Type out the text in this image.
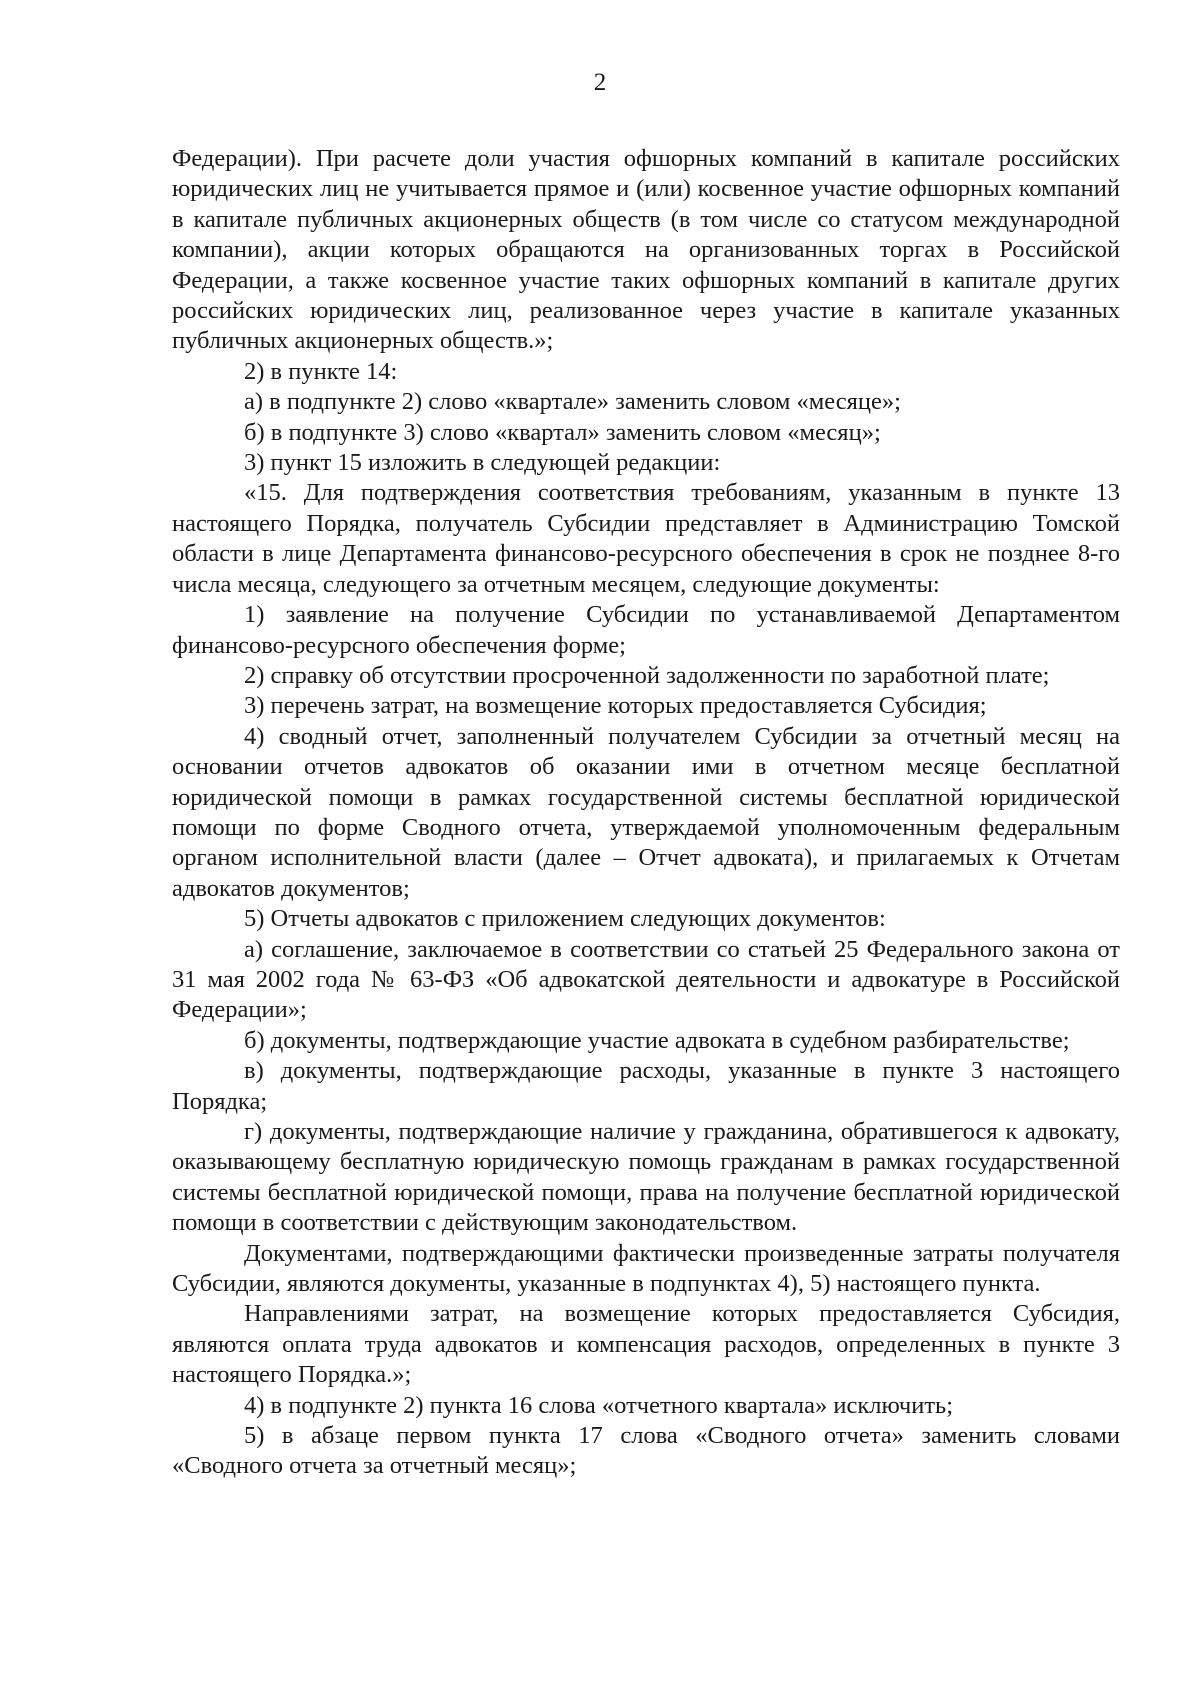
2

Федерации). При расчете доли участия офшорных компаний в капитале российских юридических лиц не учитывается прямое и (или) косвенное участие офшорных компаний в капитале публичных акционерных обществ (в том числе со статусом международной компании), акции которых обращаются на организованных торгах в Российской Федерации, а также косвенное участие таких офшорных компаний в капитале других российских юридических лиц, реализованное через участие в капитале указанных публичных акционерных обществ.»;

2) в пункте 14:

а) в подпункте 2) слово «квартале» заменить словом «месяце»;

б) в подпункте 3) слово «квартал» заменить словом «месяц»;

3) пункт 15 изложить в следующей редакции:

«15. Для подтверждения соответствия требованиям, указанным в пункте 13 настоящего Порядка, получатель Субсидии представляет в Администрацию Томской области в лице Департамента финансово-ресурсного обеспечения в срок не позднее 8-го числа месяца, следующего за отчетным месяцем, следующие документы:

1) заявление на получение Субсидии по устанавливаемой Департаментом финансово-ресурсного обеспечения форме;

2) справку об отсутствии просроченной задолженности по заработной плате;

3) перечень затрат, на возмещение которых предоставляется Субсидия;

4) сводный отчет, заполненный получателем Субсидии за отчетный месяц на основании отчетов адвокатов об оказании ими в отчетном месяце бесплатной юридической помощи в рамках государственной системы бесплатной юридической помощи по форме Сводного отчета, утверждаемой уполномоченным федеральным органом исполнительной власти (далее – Отчет адвоката), и прилагаемых к Отчетам адвокатов документов;

5) Отчеты адвокатов с приложением следующих документов:

а) соглашение, заключаемое в соответствии со статьей 25 Федерального закона от 31 мая 2002 года № 63-ФЗ «Об адвокатской деятельности и адвокатуре в Российской Федерации»;

б) документы, подтверждающие участие адвоката в судебном разбирательстве;

в) документы, подтверждающие расходы, указанные в пункте 3 настоящего Порядка;

г) документы, подтверждающие наличие у гражданина, обратившегося к адвокату, оказывающему бесплатную юридическую помощь гражданам в рамках государственной системы бесплатной юридической помощи, права на получение бесплатной юридической помощи в соответствии с действующим законодательством.

Документами, подтверждающими фактически произведенные затраты получателя Субсидии, являются документы, указанные в подпунктах 4), 5) настоящего пункта.

Направлениями затрат, на возмещение которых предоставляется Субсидия, являются оплата труда адвокатов и компенсация расходов, определенных в пункте 3 настоящего Порядка.»;

4) в подпункте 2) пункта 16 слова «отчетного квартала» исключить;

5) в абзаце первом пункта 17 слова «Сводного отчета» заменить словами «Сводного отчета за отчетный месяц»;
